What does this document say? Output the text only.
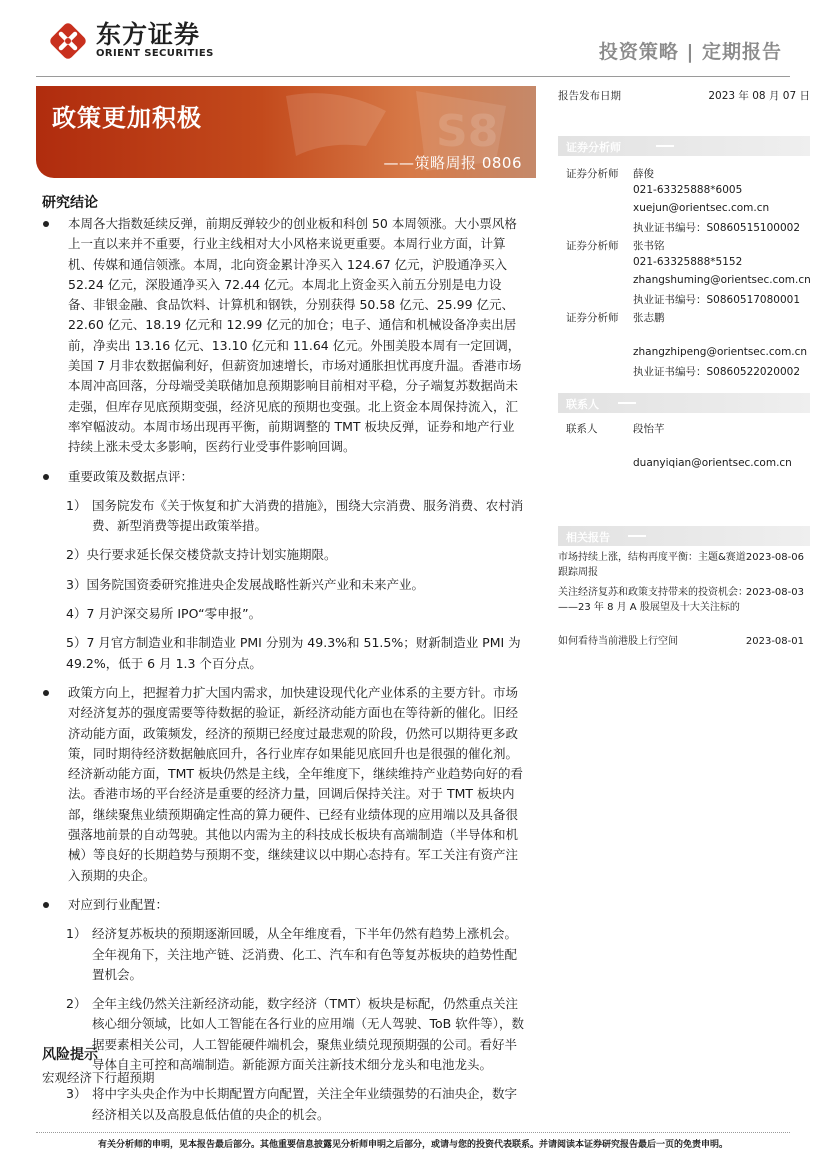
东方证券
ORIENT SECURITIES	投资策略 | 定期报告
S8
政策更加积极
——策略周报 0806
研究结论
本周各大指数延续反弹，前期反弹较少的创业板和科创 50 本周领涨。大小票风格上一直以来并不重要，行业主线相对大小风格来说更重要。本周行业方面，计算机、传媒和通信领涨。本周，北向资金累计净买入 124.67 亿元，沪股通净买入 52.24 亿元，深股通净买入 72.44 亿元。本周北上资金买入前五分别是电力设备、非银金融、食品饮料、计算机和钢铁，分别获得 50.58 亿元、25.99 亿元、22.60 亿元、18.19 亿元和 12.99 亿元的加仓；电子、通信和机械设备净卖出居前，净卖出 13.16 亿元、13.10 亿元和 11.64 亿元。外围美股本周有一定回调，美国 7 月非农数据偏利好，但薪资加速增长，市场对通胀担忧再度升温。香港市场本周冲高回落，分母端受美联储加息预期影响目前相对平稳，分子端复苏数据尚未走强，但库存见底预期变强，经济见底的预期也变强。北上资金本周保持流入，汇率窄幅波动。本周市场出现再平衡，前期调整的 TMT 板块反弹，证券和地产行业持续上涨未受太多影响，医药行业受事件影响回调。
重要政策及数据点评：
1） 国务院发布《关于恢复和扩大消费的措施》，围绕大宗消费、服务消费、农村消费、新型消费等提出政策举措。
2）央行要求延长保交楼贷款支持计划实施期限。
3）国务院国资委研究推进央企发展战略性新兴产业和未来产业。
4）7 月沪深交易所 IPO“零申报”。
5）7 月官方制造业和非制造业 PMI 分别为 49.3%和 51.5%；财新制造业 PMI 为 49.2%，低于 6 月 1.3 个百分点。
政策方向上，把握着力扩大国内需求，加快建设现代化产业体系的主要方针。市场对经济复苏的强度需要等待数据的验证，新经济动能方面也在等待新的催化。旧经济动能方面，政策频发，经济的预期已经度过最悲观的阶段，仍然可以期待更多政策，同时期待经济数据触底回升，各行业库存如果能见底回升也是很强的催化剂。经济新动能方面，TMT 板块仍然是主线，全年维度下，继续维持产业趋势向好的看法。香港市场的平台经济是重要的经济力量，回调后保持关注。对于 TMT 板块内部，继续聚焦业绩预期确定性高的算力硬件、已经有业绩体现的应用端以及具备很强落地前景的自动驾驶。其他以内需为主的科技成长板块有高端制造（半导体和机械）等良好的长期趋势与预期不变，继续建议以中期心态持有。军工关注有资产注入预期的央企。
对应到行业配置：
1） 经济复苏板块的预期逐渐回暖，从全年维度看，下半年仍然有趋势上涨机会。全年视角下，关注地产链、泛消费、化工、汽车和有色等复苏板块的趋势性配置机会。
2） 全年主线仍然关注新经济动能，数字经济（TMT）板块是标配，仍然重点关注核心细分领域，比如人工智能在各行业的应用端（无人驾驶、ToB 软件等），数据要素相关公司，人工智能硬件端机会，聚焦业绩兑现预期强的公司。看好半导体自主可控和高端制造。新能源方面关注新技术细分龙头和电池龙头。
3） 将中字头央企作为中长期配置方向配置，关注全年业绩强势的石油央企，数字经济相关以及高股息低估值的央企的机会。
风险提示
宏观经济下行超预期
报告发布日期	2023 年 08 月 07 日
证券分析师
证券分析师 薛俊
021-63325888*6005
xuejun@orientsec.com.cn
执业证书编号：S0860515100002
证券分析师 张书铭
021-63325888*5152
zhangshuming@orientsec.com.cn
执业证书编号：S0860517080001
证券分析师 张志鹏
zhangzhipeng@orientsec.com.cn
执业证书编号：S0860522020002
联系人
联系人	段怡芊
duanyiqian@orientsec.com.cn
相关报告
市场持续上涨，结构再度平衡：主题&赛道跟踪周报
2023-08-06
关注经济复苏和政策支持带来的投资机会：——23 年 8 月 A 股展望及十大关注标的
2023-08-03
如何看待当前港股上行空间	2023-08-01
有关分析师的申明，见本报告最后部分。其他重要信息披露见分析师申明之后部分，或请与您的投资代表联系。并请阅读本证券研究报告最后一页的免责申明。
